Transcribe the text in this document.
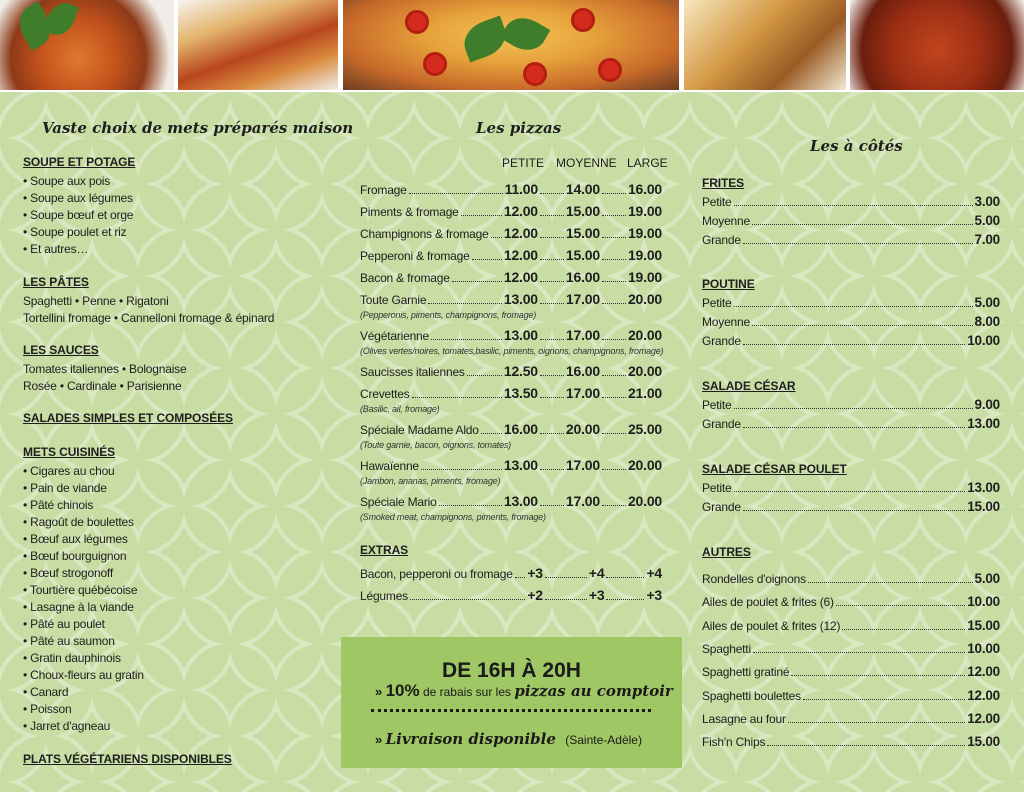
Vaste choix de mets préparés maison
SOUPE ET POTAGE
• Soupe aux pois
• Soupe aux légumes
• Soupe bœuf et orge
• Soupe poulet et riz
• Et autres…
LES PÂTES
Spaghetti • Penne • Rigatoni
Tortellini fromage • Cannelloni fromage & épinard
LES SAUCES
Tomates italiennes • Bolognaise
Rosée • Cardinale • Parisienne
SALADES SIMPLES ET COMPOSÉES
METS CUISINÉS
• Cigares au chou
• Pain de viande
• Pâté chinois
• Ragoût de boulettes
• Bœuf aux légumes
• Bœuf bourguignon
• Bœuf strogonoff
• Tourtière québécoise
• Lasagne à la viande
• Pâté au poulet
• Pâté au saumon
• Gratin dauphinois
• Choux-fleurs au gratin
• Canard
• Poisson
• Jarret d'agneau
PLATS VÉGÉTARIENS DISPONIBLES
Les pizzas
PETITE MOYENNE LARGE
Fromage	11.00 14.00 16.00
Piments & fromage	12.00 15.00 19.00
Champignons & fromage 12.00 15.00 19.00
Pepperoni & fromage 12.00 15.00 19.00
Bacon & fromage	12.00 16.00 19.00
Toute Garnie	13.00 17.00 20.00
(Pepperonis, piments, champignons, fromage)
Végétarienne	13.00 17.00 20.00
(Olives vertes/noires, tomates,basilic, piments, oignons, champignons, fromage)
Saucisses italiennes	12.50 16.00 20.00
Crevettes	13.50 17.00 21.00
(Basilic, ail, fromage)
Spéciale Madame Aldo 16.00 20.00 25.00
(Toute garnie, bacon, oignons, tomates)
Hawaïenne	13.00 17.00 20.00
(Jambon, ananas, piments, fromage)
Spéciale Mario	13.00 17.00 20.00
(Smoked meat, champignons, piments, fromage)
EXTRAS
Bacon, pepperoni ou fromage +3	+4	+4
Légumes	+2	+3	+3
DE 16H À 20H
» 10% de rabais sur les pizzas au comptoir
» Livraison disponible (Sainte-Adèle)
Les à côtés
FRITES
Petite	3.00
Moyenne	5.00
Grande	7.00
POUTINE
Petite	5.00
Moyenne	8.00
Grande	10.00
SALADE CÉSAR
Petite	9.00
Grande	13.00
SALADE CÉSAR POULET
Petite	13.00
Grande	15.00
AUTRES
Rondelles d'oignons	5.00
Ailes de poulet & frites (6)	10.00
Ailes de poulet & frites (12)	15.00
Spaghetti	10.00
Spaghetti gratiné	12.00
Spaghetti boulettes	12.00
Lasagne au four	12.00
Fish'n Chips	15.00
